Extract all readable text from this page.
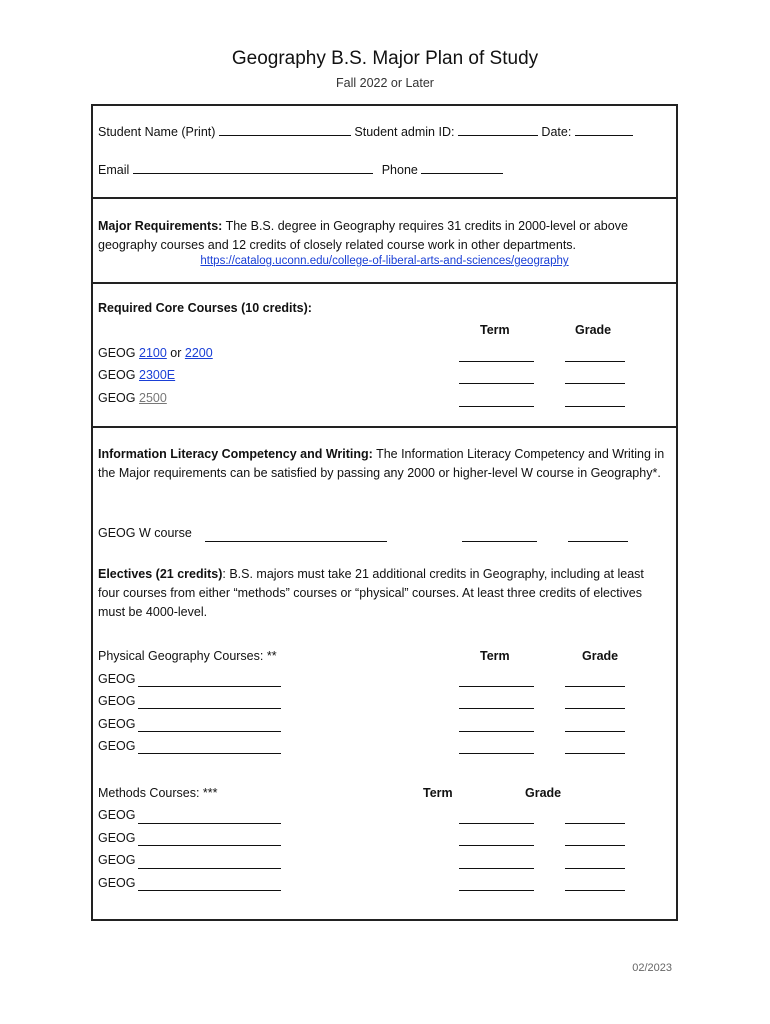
Geography B.S. Major Plan of Study
Fall 2022 or Later
Student Name (Print)	Student admin ID:	Date:
Email	Phone
Major Requirements: The B.S. degree in Geography requires 31 credits in 2000-level or above geography courses and 12 credits of closely related course work in other departments.
https://catalog.uconn.edu/college-of-liberal-arts-and-sciences/geography
Required Core Courses (10 credits):
Term	Grade
GEOG 2100 or 2200
GEOG 2300E
GEOG 2500
Information Literacy Competency and Writing: The Information Literacy Competency and Writing in the Major requirements can be satisfied by passing any 2000 or higher-level W course in Geography*.
GEOG W course
Electives (21 credits): B.S. majors must take 21 additional credits in Geography, including at least four courses from either “methods” courses or “physical” courses. At least three credits of electives must be 4000-level.
Physical Geography Courses: **	Term	Grade
GEOG
GEOG
GEOG
GEOG
Methods Courses: ***	Term	Grade
GEOG
GEOG
GEOG
GEOG
02/2023
